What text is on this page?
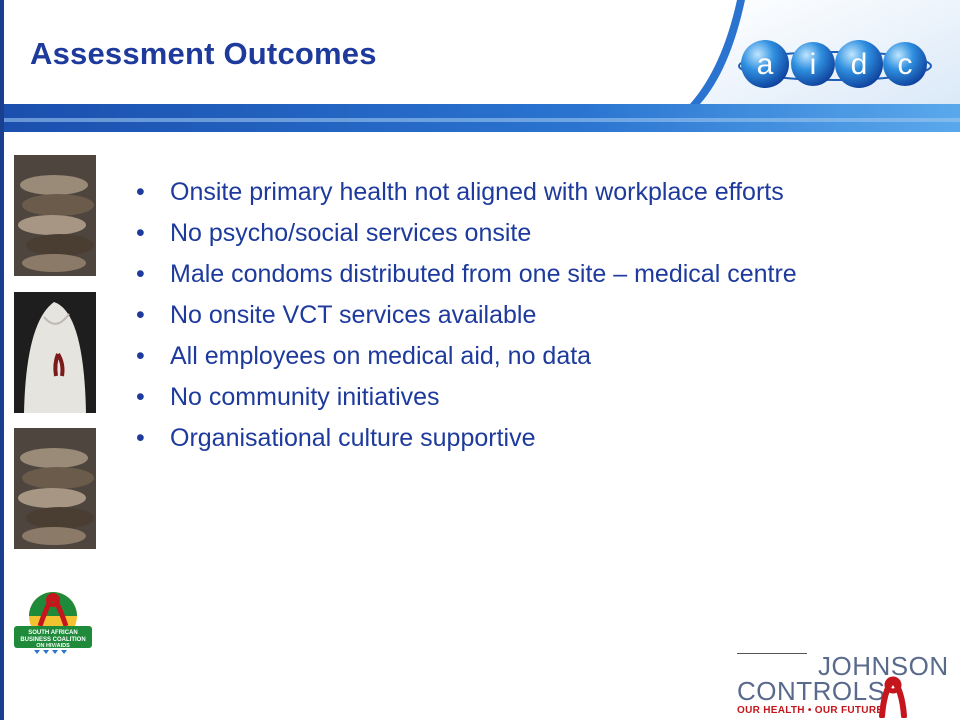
Assessment Outcomes	a i d c
SOUTH AFRICAN
BUSINESS COALITION
ON HIV/AIDS
•	Onsite primary health not aligned with workplace efforts
•	No psycho/social services onsite
•	Male condoms distributed from one site – medical centre
•	No onsite VCT services available
•	All employees on medical aid, no data
•	No community initiatives
•	Organisational culture supportive
JOHNSON
CONTROLS
OUR HEALTH • OUR FUTURE
